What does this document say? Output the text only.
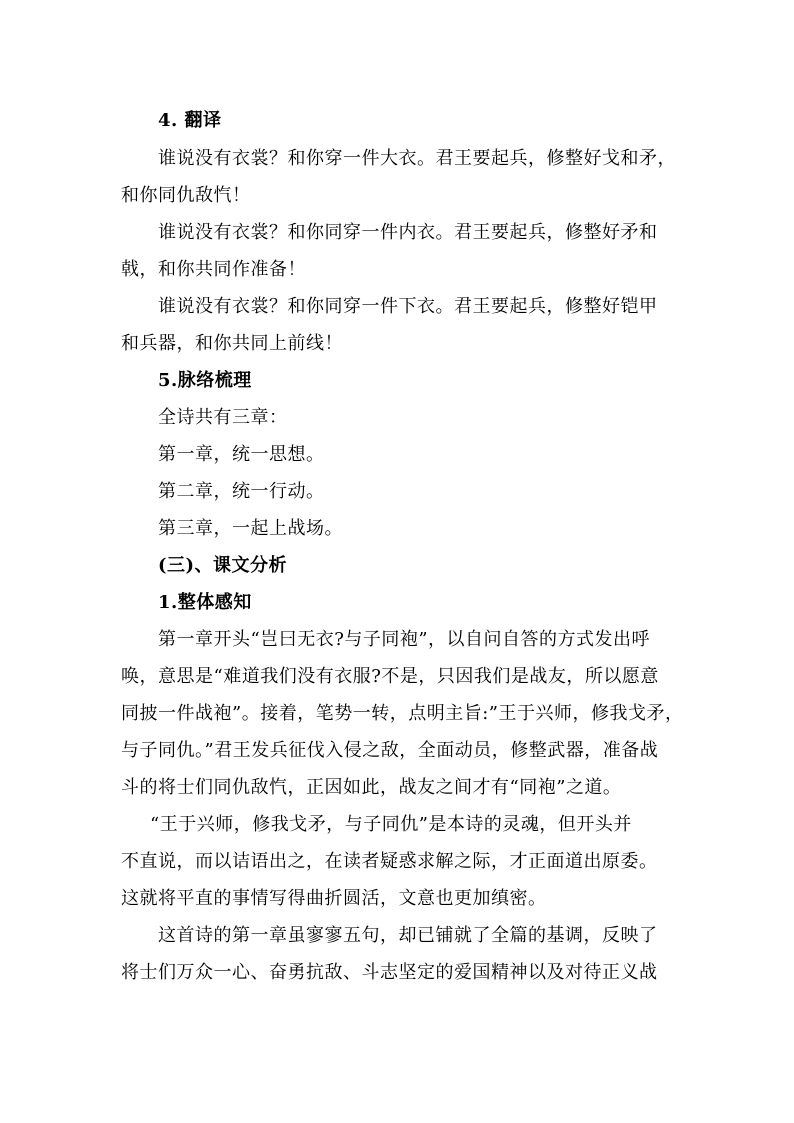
4. 翻译
谁说没有衣裳？和你穿一件大衣。君王要起兵，修整好戈和矛，
和你同仇敌忾！
谁说没有衣裳？和你同穿一件内衣。君王要起兵，修整好矛和
戟，和你共同作准备！
谁说没有衣裳？和你同穿一件下衣。君王要起兵，修整好铠甲
和兵器，和你共同上前线！
5.脉络梳理
全诗共有三章：
第一章，统一思想。
第二章，统一行动。
第三章，一起上战场。
(三)、课文分析
1.整体感知
第一章开头“岂曰无衣?与子同袍”，以自问自答的方式发出呼
唤，意思是“难道我们没有衣服?不是，只因我们是战友，所以愿意
同披一件战袍”。接着，笔势一转，点明主旨:”王于兴师，修我戈矛，
与子同仇。”君王发兵征伐入侵之敌，全面动员，修整武器，准备战
斗的将士们同仇敌忾，正因如此，战友之间才有“同袍”之道。
“王于兴师，修我戈矛，与子同仇”是本诗的灵魂，但开头并
不直说，而以诘语出之，在读者疑惑求解之际，才正面道出原委。
这就将平直的事情写得曲折圆活，文意也更加缜密。
这首诗的第一章虽寥寥五句，却已铺就了全篇的基调，反映了
将士们万众一心、奋勇抗敌、斗志坚定的爱国精神以及对待正义战
